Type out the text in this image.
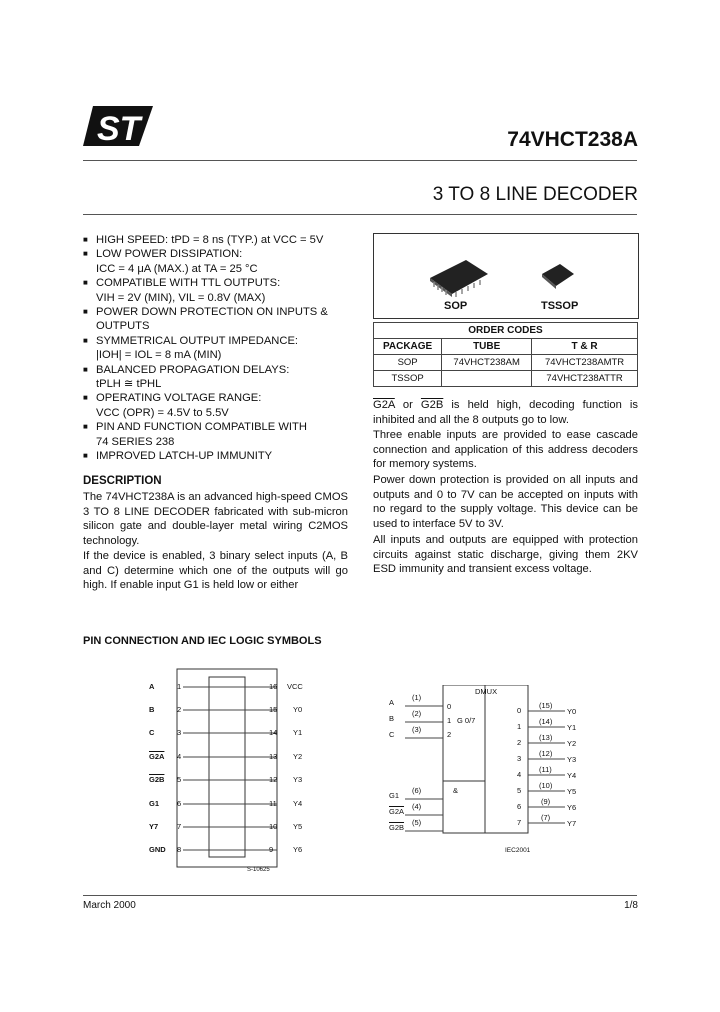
ST	74VHCT238A
3 TO 8 LINE DECODER
■ HIGH SPEED: tPD = 8 ns (TYP.) at VCC = 5V
■ LOW POWER DISSIPATION:
ICC = 4 μA (MAX.) at TA = 25 °C
■ COMPATIBLE WITH TTL OUTPUTS:
VIH = 2V (MIN), VIL = 0.8V (MAX)
■ POWER DOWN PROTECTION ON INPUTS &
OUTPUTS
■ SYMMETRICAL OUTPUT IMPEDANCE:
|IOH| = IOL = 8 mA (MIN)
■ BALANCED PROPAGATION DELAYS:
tPLH ≅ tPHL
■ OPERATING VOLTAGE RANGE:
VCC (OPR) = 4.5V to 5.5V
■ PIN AND FUNCTION COMPATIBLE WITH
74 SERIES 238
■ IMPROVED LATCH-UP IMMUNITY
SOP	TSSOP
ORDER CODES		
PACKAGE	TUBE	T & R
SOP	74VHCT238AM	74VHCT238AMTR
TSSOP		74VHCT238ATTR
DESCRIPTION
The 74VHCT238A is an advanced high-speed CMOS 3 TO 8 LINE DECODER fabricated with sub-micron silicon gate and double-layer metal wiring C2MOS technology.
If the device is enabled, 3 binary select inputs (A, B and C) determine which one of the outputs will go high. If enable input G1 is held low or either
G2A or G2B is held high, decoding function is inhibited and all the 8 outputs go to low.
Three enable inputs are provided to ease cascade connection and application of this address decoders for memory systems.
Power down protection is provided on all inputs and outputs and 0 to 7V can be accepted on inputs with no regard to the supply voltage. This device can be used to interface 5V to 3V.
All inputs and outputs are equipped with protection circuits against static discharge, giving them 2KV ESD immunity and transient excess voltage.
PIN CONNECTION AND IEC LOGIC SYMBOLS
A
B
C
G2A
G2B
G1
Y7
GND
1
2
3
4
5
6
7
8
16
15
14
13
12
11
10
9
VCC
Y0
Y1
Y2
Y3
Y4
Y5
Y6
S-10625
DMUX
A
B
C
(1)
(2)
(3)
0
1
2
G 0/7
G1
G2A
G2B
(6)
(4)
(5)
&
0
1
2
3
4
5
6
7
(15)
(14)
(13)
(12)
(11)
(10)
(9)
(7)
Y0
Y1
Y2
Y3
Y4
Y5
Y6
Y7
IEC2001
March 2000	1/8
